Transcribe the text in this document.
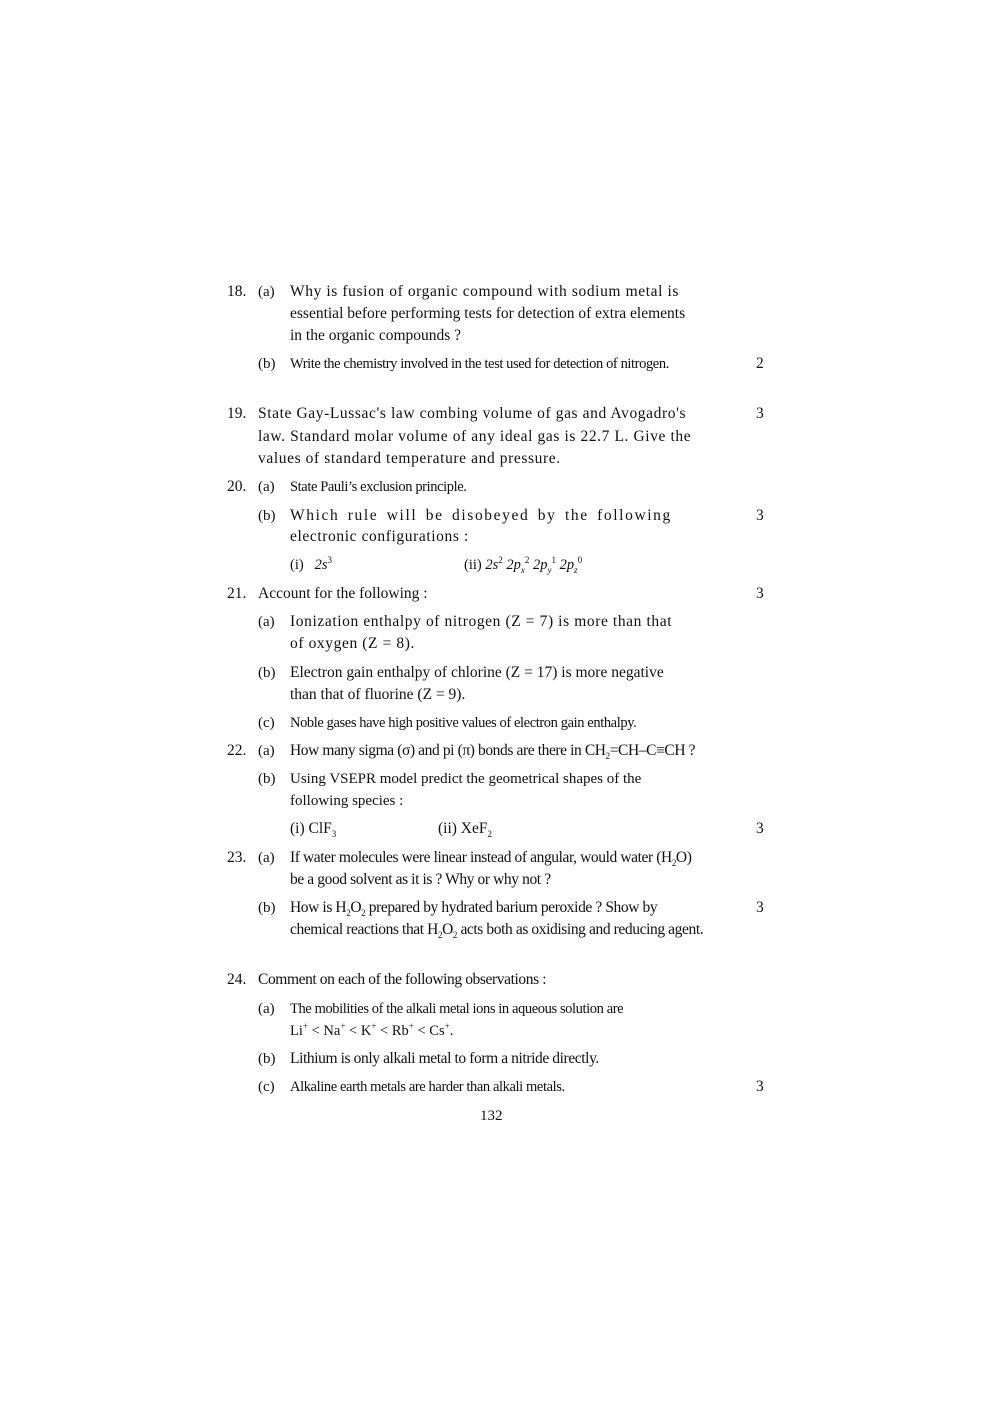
18. (a) Why is fusion of organic compound with sodium metal is
essential before performing tests for detection of extra elements
in the organic compounds ?
(b) Write the chemistry involved in the test used for detection of nitrogen.	2
19. State Gay-Lussac's law combing volume of gas and Avogadro's
law. Standard molar volume of any ideal gas is 22.7 L. Give the
values of standard temperature and pressure.
3
20. (a) State Pauli’s exclusion principle.
(b) Which rule will be disobeyed by the following
electronic configurations :
3
(i) $2s^3$	(ii) $2s^2$ $2p_x^2$ $2p_y^1$ $2p_z^0$
21. Account for the following :	3
(a) Ionization enthalpy of nitrogen (Z = 7) is more than that
of oxygen (Z = 8).
(b) Electron gain enthalpy of chlorine (Z = 17) is more negative
than that of fluorine (Z = 9).
(c) Noble gases have high positive values of electron gain enthalpy.
22. (a) How many sigma (σ) and pi (π) bonds are there in $CH_2=CH-C\equiv CH$ ?
(b) Using VSEPR model predict the geometrical shapes of the
following species :
(i) ClF$_3$	(ii) XeF$_2$	3
23. (a) If water molecules were linear instead of angular, would water $(H_2O)$
be a good solvent as it is ? Why or why not ?
(b) How is $H_2O_2$ prepared by hydrated barium peroxide ? Show by
chemical reactions that $H_2O_2$ acts both as oxidising and reducing agent.
3
24. Comment on each of the following observations :
(a) The mobilities of the alkali metal ions in aqueous solution are
Li+ < Na+ < K+ < Rb+ < Cs+.
(b) Lithium is only alkali metal to form a nitride directly.
(c) Alkaline earth metals are harder than alkali metals.	3
132
